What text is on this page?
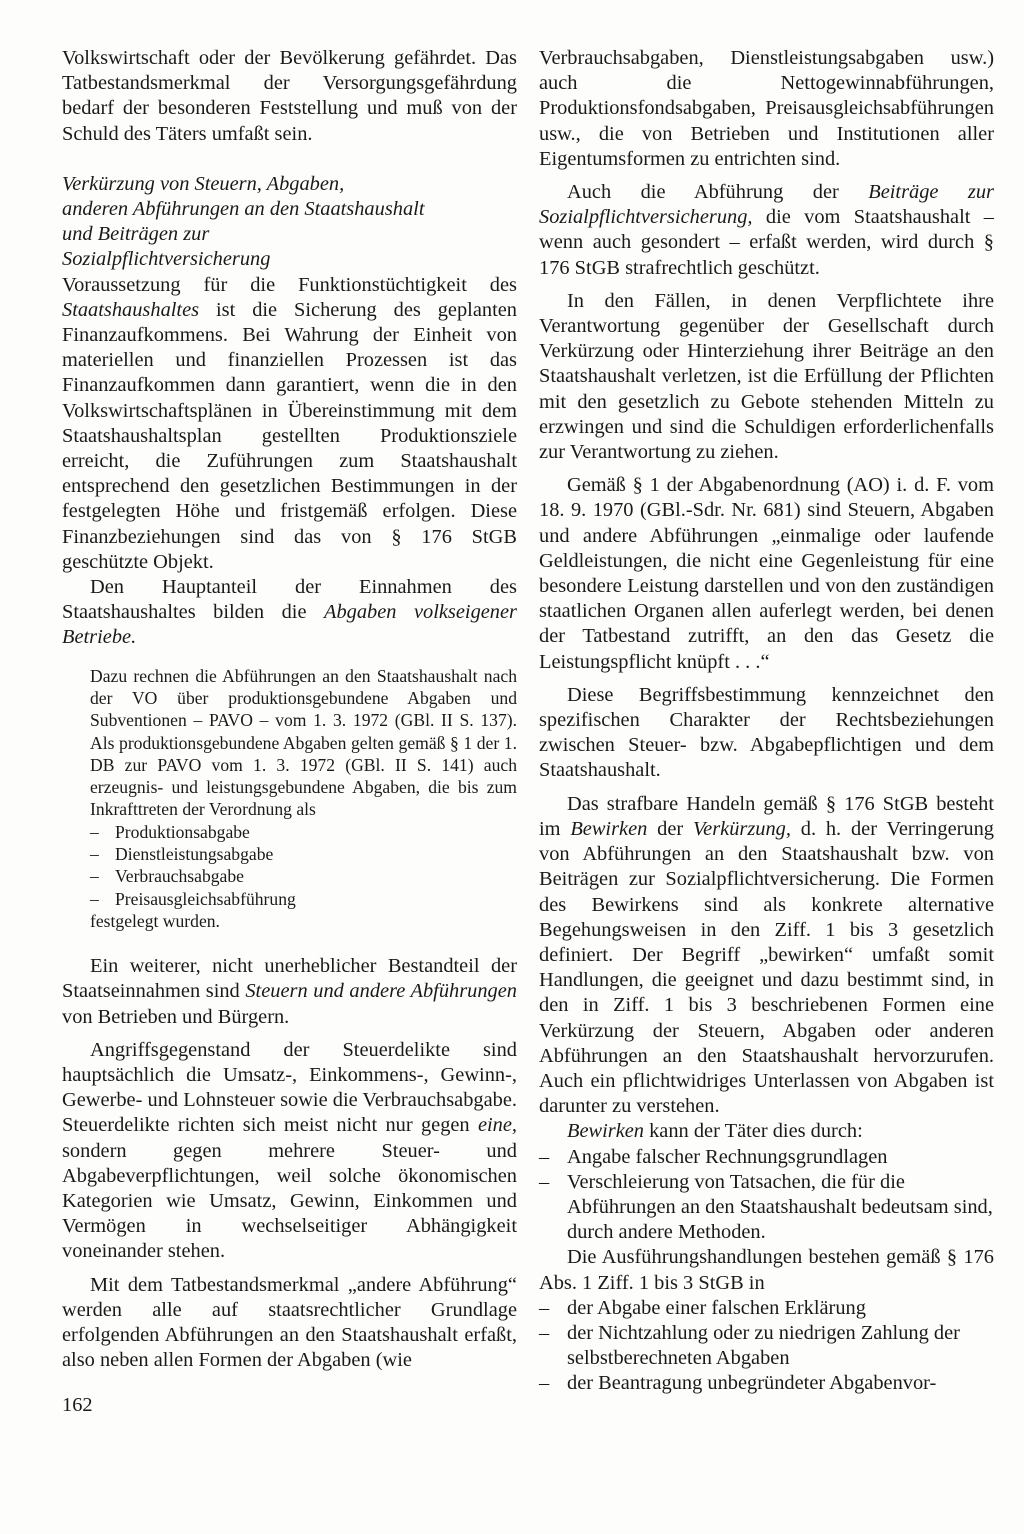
Volkswirtschaft oder der Bevölkerung gefährdet. Das Tatbestandsmerkmal der Versorgungsgefährdung bedarf der besonderen Feststellung und muß von der Schuld des Täters umfaßt sein.

Verkürzung von Steuern, Abgaben,
anderen Abführungen an den Staatshaushalt
und Beiträgen zur
Sozialpflichtversicherung

Voraussetzung für die Funktionstüchtigkeit des Staatshaushaltes ist die Sicherung des geplanten Finanzaufkommens. Bei Wahrung der Einheit von materiellen und finanziellen Prozessen ist das Finanzaufkommen dann garantiert, wenn die in den Volkswirtschaftsplänen in Übereinstimmung mit dem Staatshaushaltsplan gestellten Produktionsziele erreicht, die Zuführungen zum Staatshaushalt entsprechend den gesetzlichen Bestimmungen in der festgelegten Höhe und fristgemäß erfolgen. Diese Finanzbeziehungen sind das von § 176 StGB geschützte Objekt.

Den Hauptanteil der Einnahmen des Staatshaushaltes bilden die Abgaben volkseigener Betriebe.

Dazu rechnen die Abführungen an den Staatshaushalt nach der VO über produktionsgebundene Abgaben und Subventionen – PAVO – vom 1. 3. 1972 (GBl. II S. 137). Als produktionsgebundene Abgaben gelten gemäß § 1 der 1. DB zur PAVO vom 1. 3. 1972 (GBl. II S. 141) auch erzeugnis- und leistungsgebundene Abgaben, die bis zum Inkrafttreten der Verordnung als

– Produktionsabgabe
– Dienstleistungsabgabe
– Verbrauchsabgabe
– Preisausgleichsabführung

festgelegt wurden.

Ein weiterer, nicht unerheblicher Bestandteil der Staatseinnahmen sind Steuern und andere Abführungen von Betrieben und Bürgern.

Angriffsgegenstand der Steuerdelikte sind hauptsächlich die Umsatz-, Einkommens-, Gewinn-, Gewerbe- und Lohnsteuer sowie die Verbrauchsabgabe. Steuerdelikte richten sich meist nicht nur gegen eine, sondern gegen mehrere Steuer- und Abgabeverpflichtungen, weil solche ökonomischen Kategorien wie Umsatz, Gewinn, Einkommen und Vermögen in wechselseitiger Abhängigkeit voneinander stehen.

Mit dem Tatbestandsmerkmal „andere Abführung“ werden alle auf staatsrechtlicher Grundlage erfolgenden Abführungen an den Staatshaushalt erfaßt, also neben allen Formen der Abgaben (wie

Verbrauchsabgaben, Dienstleistungsabgaben usw.) auch die Nettogewinnabführungen, Produktionsfondsabgaben, Preisausgleichsabführungen usw., die von Betrieben und Institutionen aller Eigentumsformen zu entrichten sind.

Auch die Abführung der Beiträge zur Sozialpflichtversicherung, die vom Staatshaushalt – wenn auch gesondert – erfaßt werden, wird durch § 176 StGB strafrechtlich geschützt.

In den Fällen, in denen Verpflichtete ihre Verantwortung gegenüber der Gesellschaft durch Verkürzung oder Hinterziehung ihrer Beiträge an den Staatshaushalt verletzen, ist die Erfüllung der Pflichten mit den gesetzlich zu Gebote stehenden Mitteln zu erzwingen und sind die Schuldigen erforderlichenfalls zur Verantwortung zu ziehen.

Gemäß § 1 der Abgabenordnung (AO) i. d. F. vom 18. 9. 1970 (GBl.-Sdr. Nr. 681) sind Steuern, Abgaben und andere Abführungen „einmalige oder laufende Geldleistungen, die nicht eine Gegenleistung für eine besondere Leistung darstellen und von den zuständigen staatlichen Organen allen auferlegt werden, bei denen der Tatbestand zutrifft, an den das Gesetz die Leistungspflicht knüpft . . .“

Diese Begriffsbestimmung kennzeichnet den spezifischen Charakter der Rechtsbeziehungen zwischen Steuer- bzw. Abgabepflichtigen und dem Staatshaushalt.

Das strafbare Handeln gemäß § 176 StGB besteht im Bewirken der Verkürzung, d. h. der Verringerung von Abführungen an den Staatshaushalt bzw. von Beiträgen zur Sozialpflichtversicherung. Die Formen des Bewirkens sind als konkrete alternative Begehungsweisen in den Ziff. 1 bis 3 gesetzlich definiert. Der Begriff „bewirken“ umfaßt somit Handlungen, die geeignet und dazu bestimmt sind, in den in Ziff. 1 bis 3 beschriebenen Formen eine Verkürzung der Steuern, Abgaben oder anderen Abführungen an den Staatshaushalt hervorzurufen. Auch ein pflichtwidriges Unterlassen von Abgaben ist darunter zu verstehen.

Bewirken kann der Täter dies durch:

– Angabe falscher Rechnungsgrundlagen
– Verschleierung von Tatsachen, die für die Abführungen an den Staatshaushalt bedeutsam sind, durch andere Methoden.

Die Ausführungshandlungen bestehen gemäß § 176 Abs. 1 Ziff. 1 bis 3 StGB in

– der Abgabe einer falschen Erklärung
– der Nichtzahlung oder zu niedrigen Zahlung der selbstberechneten Abgaben
– der Beantragung unbegründeter Abgabenvor-
162
